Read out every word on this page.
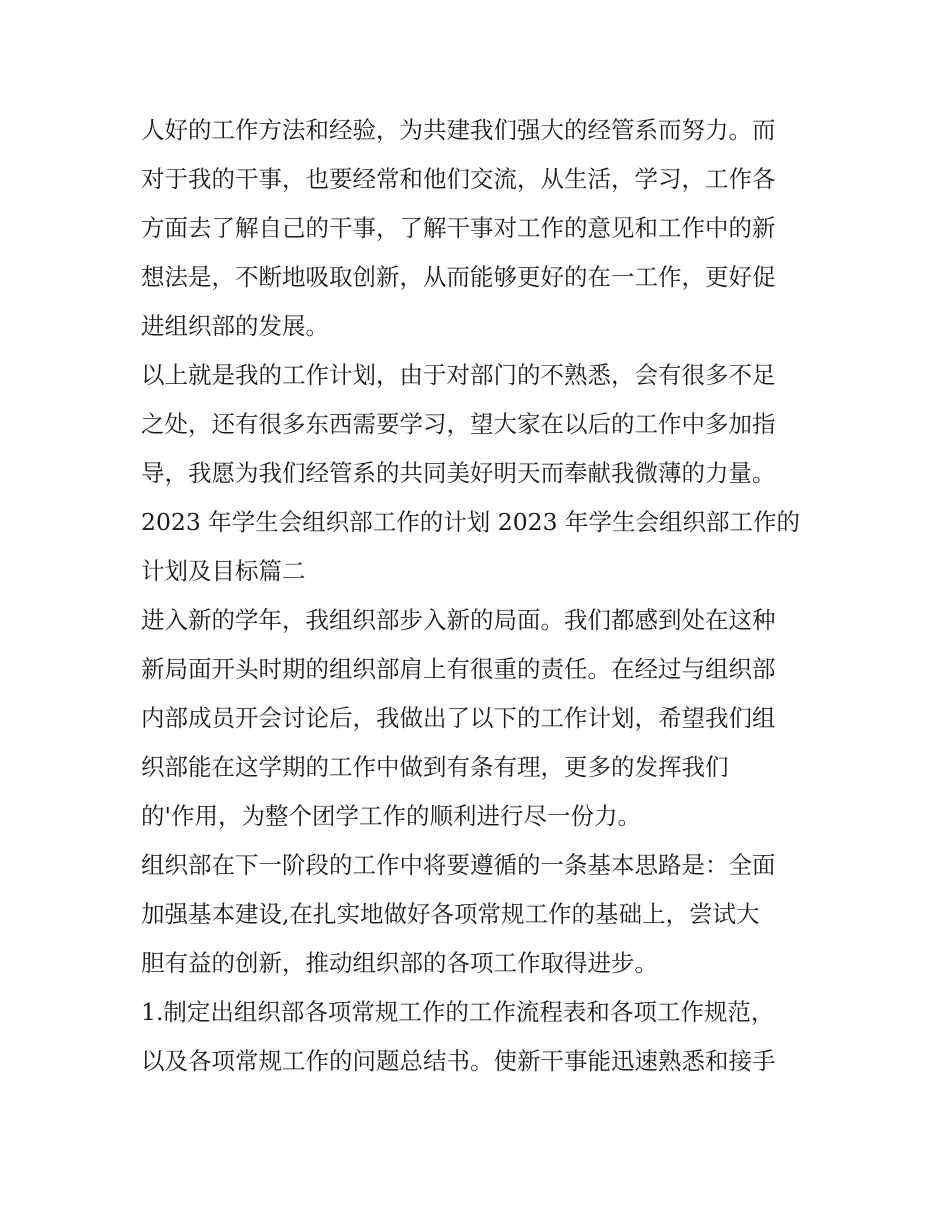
人好的工作方法和经验，为共建我们强大的经管系而努力。而
对于我的干事，也要经常和他们交流，从生活，学习，工作各
方面去了解自己的干事，了解干事对工作的意见和工作中的新
想法是，不断地吸取创新，从而能够更好的在一工作，更好促
进组织部的发展。
以上就是我的工作计划，由于对部门的不熟悉，会有很多不足
之处，还有很多东西需要学习，望大家在以后的工作中多加指
导，我愿为我们经管系的共同美好明天而奉献我微薄的力量。
2023 年学生会组织部工作的计划 2023 年学生会组织部工作的
计划及目标篇二
进入新的学年，我组织部步入新的局面。我们都感到处在这种
新局面开头时期的组织部肩上有很重的责任。在经过与组织部
内部成员开会讨论后，我做出了以下的工作计划，希望我们组
织部能在这学期的工作中做到有条有理，更多的发挥我们
的'作用，为整个团学工作的顺利进行尽一份力。
组织部在下一阶段的工作中将要遵循的一条基本思路是：全面
加强基本建设,在扎实地做好各项常规工作的基础上，尝试大
胆有益的创新，推动组织部的各项工作取得进步。
1.制定出组织部各项常规工作的工作流程表和各项工作规范，
以及各项常规工作的问题总结书。使新干事能迅速熟悉和接手
